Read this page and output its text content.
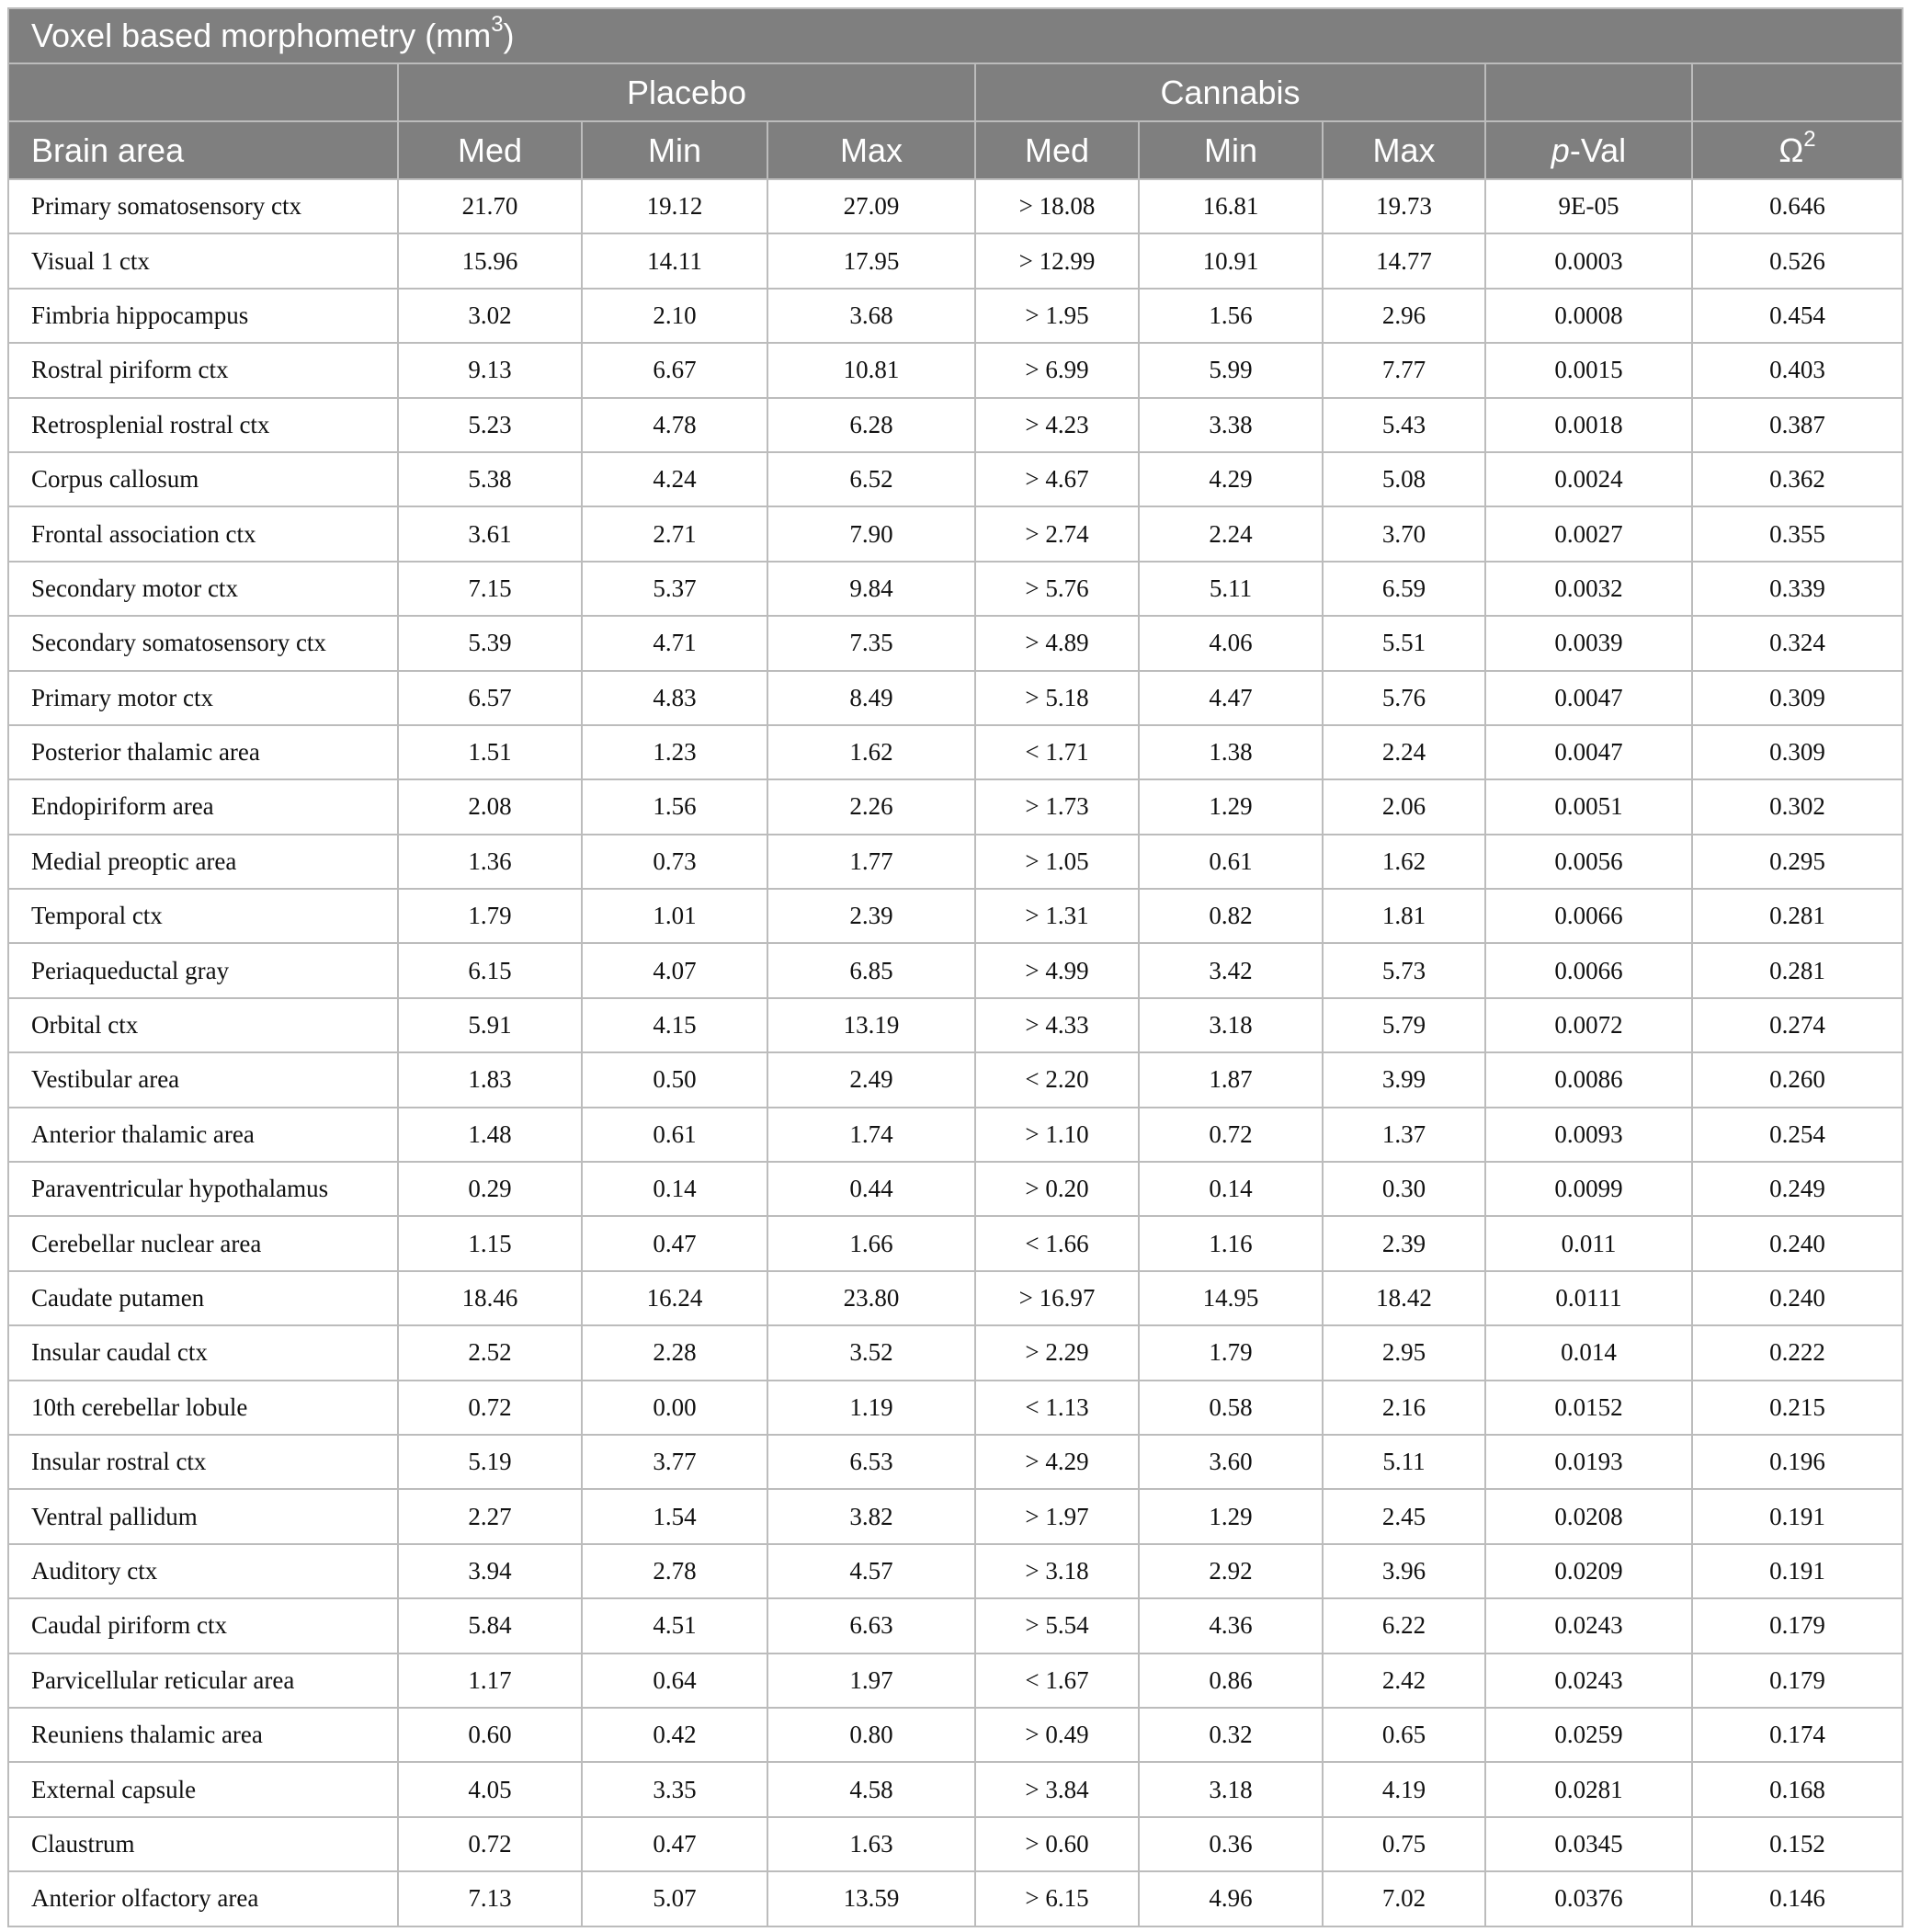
Voxel based morphometry $(mm^3)$								
	Placebo			Cannabis				
Brain area	Med	Min	Max	Med	Min	Max	p-Val	$\Omega^2$
Primary somatosensory ctx	21.70	19.12	27.09	> 18.08	16.81	19.73	9E-05	0.646
Visual 1 ctx	15.96	14.11	17.95	> 12.99	10.91	14.77	0.0003	0.526
Fimbria hippocampus	3.02	2.10	3.68	> 1.95	1.56	2.96	0.0008	0.454
Rostral piriform ctx	9.13	6.67	10.81	> 6.99	5.99	7.77	0.0015	0.403
Retrosplenial rostral ctx	5.23	4.78	6.28	> 4.23	3.38	5.43	0.0018	0.387
Corpus callosum	5.38	4.24	6.52	> 4.67	4.29	5.08	0.0024	0.362
Frontal association ctx	3.61	2.71	7.90	> 2.74	2.24	3.70	0.0027	0.355
Secondary motor ctx	7.15	5.37	9.84	> 5.76	5.11	6.59	0.0032	0.339
Secondary somatosensory ctx	5.39	4.71	7.35	> 4.89	4.06	5.51	0.0039	0.324
Primary motor ctx	6.57	4.83	8.49	> 5.18	4.47	5.76	0.0047	0.309
Posterior thalamic area	1.51	1.23	1.62	< 1.71	1.38	2.24	0.0047	0.309
Endopiriform area	2.08	1.56	2.26	> 1.73	1.29	2.06	0.0051	0.302
Medial preoptic area	1.36	0.73	1.77	> 1.05	0.61	1.62	0.0056	0.295
Temporal ctx	1.79	1.01	2.39	> 1.31	0.82	1.81	0.0066	0.281
Periaqueductal gray	6.15	4.07	6.85	> 4.99	3.42	5.73	0.0066	0.281
Orbital ctx	5.91	4.15	13.19	> 4.33	3.18	5.79	0.0072	0.274
Vestibular area	1.83	0.50	2.49	< 2.20	1.87	3.99	0.0086	0.260
Anterior thalamic area	1.48	0.61	1.74	> 1.10	0.72	1.37	0.0093	0.254
Paraventricular hypothalamus	0.29	0.14	0.44	> 0.20	0.14	0.30	0.0099	0.249
Cerebellar nuclear area	1.15	0.47	1.66	< 1.66	1.16	2.39	0.011	0.240
Caudate putamen	18.46	16.24	23.80	> 16.97	14.95	18.42	0.0111	0.240
Insular caudal ctx	2.52	2.28	3.52	> 2.29	1.79	2.95	0.014	0.222
10th cerebellar lobule	0.72	0.00	1.19	< 1.13	0.58	2.16	0.0152	0.215
Insular rostral ctx	5.19	3.77	6.53	> 4.29	3.60	5.11	0.0193	0.196
Ventral pallidum	2.27	1.54	3.82	> 1.97	1.29	2.45	0.0208	0.191
Auditory ctx	3.94	2.78	4.57	> 3.18	2.92	3.96	0.0209	0.191
Caudal piriform ctx	5.84	4.51	6.63	> 5.54	4.36	6.22	0.0243	0.179
Parvicellular reticular area	1.17	0.64	1.97	< 1.67	0.86	2.42	0.0243	0.179
Reuniens thalamic area	0.60	0.42	0.80	> 0.49	0.32	0.65	0.0259	0.174
External capsule	4.05	3.35	4.58	> 3.84	3.18	4.19	0.0281	0.168
Claustrum	0.72	0.47	1.63	> 0.60	0.36	0.75	0.0345	0.152
Anterior olfactory area	7.13	5.07	13.59	> 6.15	4.96	7.02	0.0376	0.146
